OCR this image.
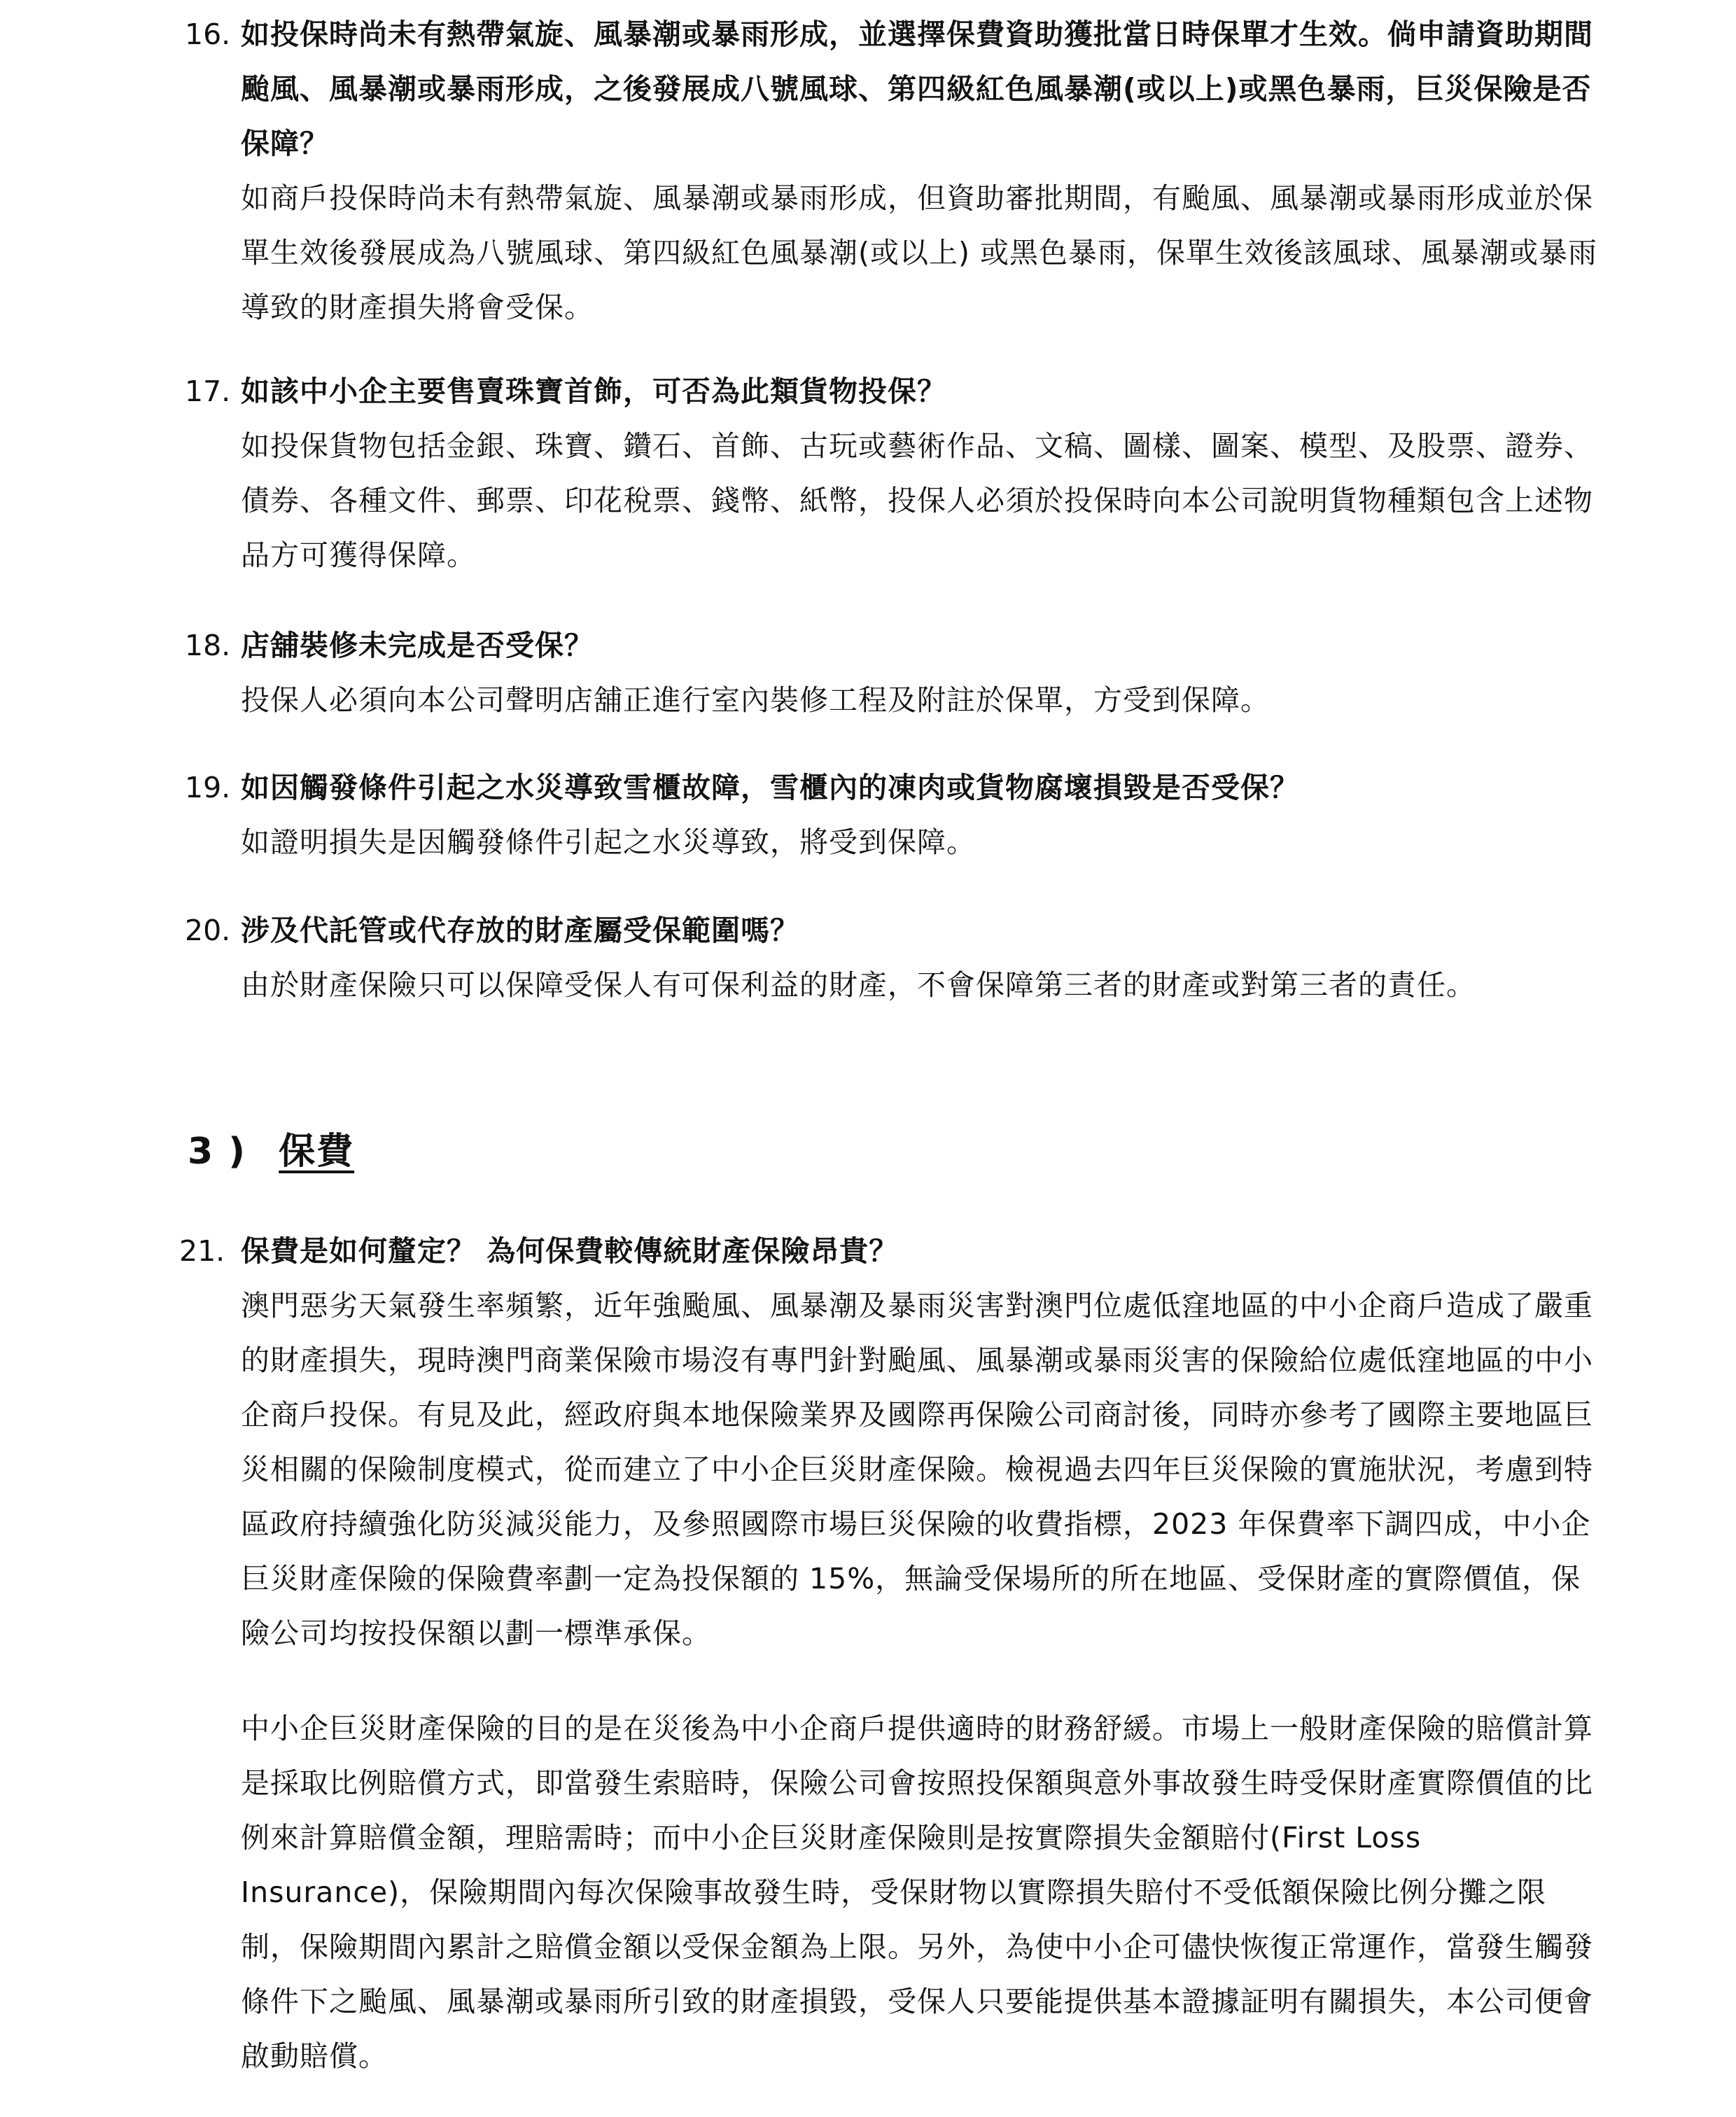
16. 如投保時尚未有熱帶氣旋、風暴潮或暴雨形成，並選擇保費資助獲批當日時保單才生效。倘申請資助期間颱風、風暴潮或暴雨形成，之後發展成八號風球、第四級紅色風暴潮(或以上)或黑色暴雨，巨災保險是否保障？
如商戶投保時尚未有熱帶氣旋、風暴潮或暴雨形成，但資助審批期間，有颱風、風暴潮或暴雨形成並於保單生效後發展成為八號風球、第四級紅色風暴潮(或以上) 或黑色暴雨，保單生效後該風球、風暴潮或暴雨導致的財產損失將會受保。
17. 如該中小企主要售賣珠寶首飾，可否為此類貨物投保？
如投保貨物包括金銀、珠寶、鑽石、首飾、古玩或藝術作品、文稿、圖樣、圖案、模型、及股票、證券、債券、各種文件、郵票、印花稅票、錢幣、紙幣，投保人必須於投保時向本公司說明貨物種類包含上述物品方可獲得保障。
18. 店舖裝修未完成是否受保？
投保人必須向本公司聲明店舖正進行室內裝修工程及附註於保單，方受到保障。
19. 如因觸發條件引起之水災導致雪櫃故障，雪櫃內的凍肉或貨物腐壞損毀是否受保？
如證明損失是因觸發條件引起之水災導致，將受到保障。
20. 涉及代託管或代存放的財產屬受保範圍嗎？
由於財產保險只可以保障受保人有可保利益的財產，不會保障第三者的財產或對第三者的責任。
3 ) 保費
21. 保費是如何釐定？ 為何保費較傳統財產保險昂貴？
澳門惡劣天氣發生率頻繁，近年強颱風、風暴潮及暴雨災害對澳門位處低窪地區的中小企商戶造成了嚴重的財產損失，現時澳門商業保險市場沒有專門針對颱風、風暴潮或暴雨災害的保險給位處低窪地區的中小企商戶投保。有見及此，經政府與本地保險業界及國際再保險公司商討後，同時亦參考了國際主要地區巨災相關的保險制度模式，從而建立了中小企巨災財產保險。檢視過去四年巨災保險的實施狀況，考慮到特區政府持續強化防災減災能力，及參照國際市場巨災保險的收費指標，2023 年保費率下調四成，中小企巨災財產保險的保險費率劃一定為投保額的 15%，無論受保場所的所在地區、受保財產的實際價值，保險公司均按投保額以劃一標準承保。
中小企巨災財產保險的目的是在災後為中小企商戶提供適時的財務舒緩。市場上一般財產保險的賠償計算是採取比例賠償方式，即當發生索賠時，保險公司會按照投保額與意外事故發生時受保財產實際價值的比例來計算賠償金額，理賠需時；而中小企巨災財產保險則是按實際損失金額賠付(First Loss Insurance)，保險期間內每次保險事故發生時，受保財物以實際損失賠付不受低額保險比例分攤之限制，保險期間內累計之賠償金額以受保金額為上限。另外，為使中小企可儘快恢復正常運作，當發生觸發條件下之颱風、風暴潮或暴雨所引致的財產損毀，受保人只要能提供基本證據証明有關損失，本公司便會啟動賠償。
